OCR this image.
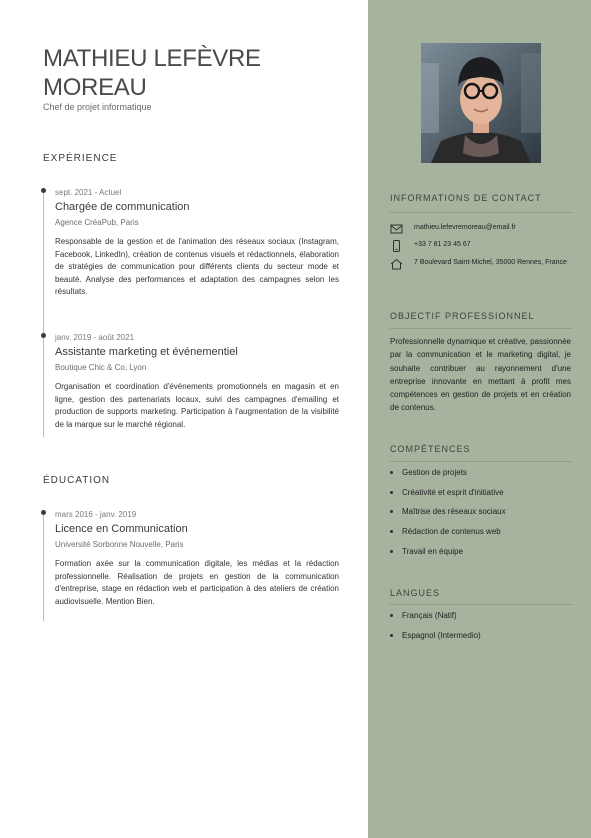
MATHIEU LEFÈVRE MOREAU
Chef de projet informatique
EXPÉRIENCE
sept. 2021 - Actuel
Chargée de communication
Agence CréaPub, Paris
Responsable de la gestion et de l'animation des réseaux sociaux (Instagram, Facebook, LinkedIn), création de contenus visuels et rédactionnels, élaboration de stratégies de communication pour différents clients du secteur mode et beauté. Analyse des performances et adaptation des campagnes selon les résultats.
janv. 2019 - août 2021
Assistante marketing et événementiel
Boutique Chic & Co, Lyon
Organisation et coordination d'événements promotionnels en magasin et en ligne, gestion des partenariats locaux, suivi des campagnes d'emailing et production de supports marketing. Participation à l'augmentation de la visibilité de la marque sur le marché régional.
ÉDUCATION
mars 2016 - janv. 2019
Licence en Communication
Université Sorbonne Nouvelle, Paris
Formation axée sur la communication digitale, les médias et la rédaction professionnelle. Réalisation de projets en gestion de la communication d'entreprise, stage en rédaction web et participation à des ateliers de création audiovisuelle. Mention Bien.
INFORMATIONS DE CONTACT
mathieu.lefevremoreau@email.fr
+33 7 81 23 45 67
7 Boulevard Saint-Michel, 35000 Rennes, France
OBJECTIF PROFESSIONNEL
Professionnelle dynamique et créative, passionnée par la communication et le marketing digital, je souhaite contribuer au rayonnement d'une entreprise innovante en mettant à profit mes compétences en gestion de projets et en création de contenus.
COMPÉTENCES
Gestion de projets
Créativité et esprit d'initiative
Maîtrise des réseaux sociaux
Rédaction de contenus web
Travail en équipe
LANGUES
Français (Natif)
Espagnol (Intermedio)
